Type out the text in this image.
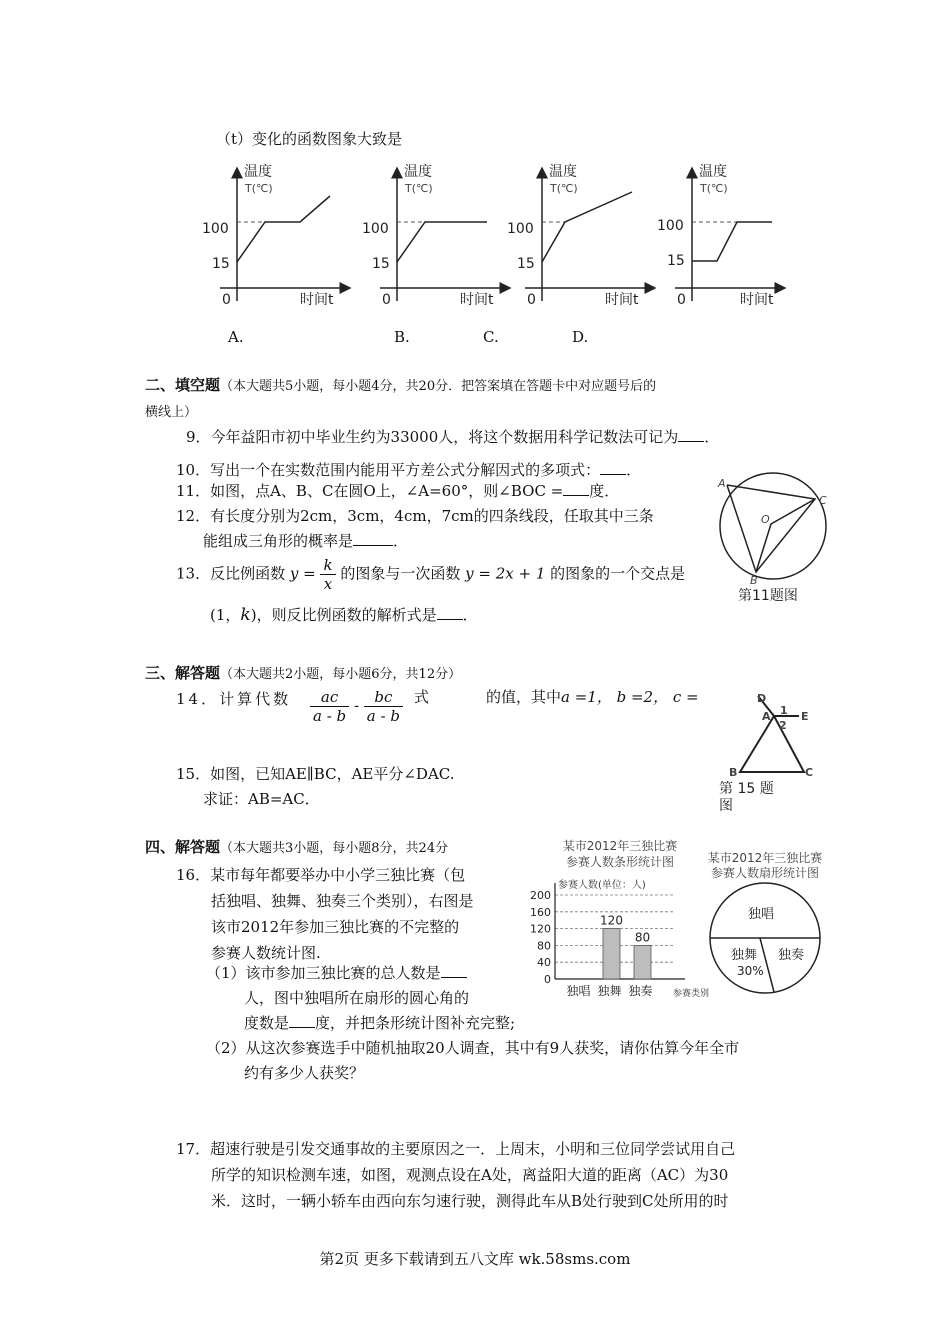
（t）变化的函数图象大致是
温度
T(℃)
100
15
0	时间t
温度
T(℃)
100
15
0	时间t
温度
T(℃)
100
15
0	时间t
温度
T(℃)
100
15
0	时间t
A.	B.	C.	D.
二、填空题（本大题共5小题，每小题4分，共20分．把答案填在答题卡中对应题号后的
横线上）
9．今年益阳市初中毕业生约为33000人，将这个数据用科学记数法可记为 ．
10．写出一个在实数范围内能用平方差公式分解因式的多项式： ．
11．如图，点A、B、C在圆O上，∠A=60°，则∠BOC = 度．
12．有长度分别为2cm，3cm，4cm，7cm的四条线段，任取其中三条
能组成三角形的概率是	．
13．反比例函数 $y = \frac{k}{x}$ 的图象与一次函数 y = 2x + 1 的图象的一个交点是
(1，k)，则反比例函数的解析式是 ．
A
C
O
B
第11题图
三、解答题（本大题共2小题，每小题6分，共12分）
14．计算代数 $\frac{ac}{a - b} - \frac{bc}{a - b}$ 式	的值，其中a =1， b =2， c =
15．如图，已知AE∥BC，AE平分∠DAC.
求证：AB=AC．
D
A 1
2
E
B	C
第 15 题
图
四、解答题（本大题共3小题，每小题8分，共24分
16．某市每年都要举办中小学三独比赛（包
括独唱、独舞、独奏三个类别），右图是
该市2012年参加三独比赛的不完整的
参赛人数统计图.
（1）该市参加三独比赛的总人数是
人，图中独唱所在扇形的圆心角的
度数是 度，并把条形统计图补充完整;
（2）从这次参赛选手中随机抽取20人调查，其中有9人获奖，请你估算今年全市
约有多少人获奖？
某市2012年三独比赛
参赛人数条形统计图
参赛人数(单位：人)
参赛类别
0
40
80
120
160
200
独唱
120
独舞
80
独奏
某市2012年三独比赛
参赛人数扇形统计图
独唱
独舞
30%
独奏
17．超速行驶是引发交通事故的主要原因之一．上周末，小明和三位同学尝试用自己
所学的知识检测车速，如图，观测点设在A处，离益阳大道的距离（AC）为30
米．这时，一辆小轿车由西向东匀速行驶，测得此车从B处行驶到C处所用的时
第2页 更多下载请到五八文库 wk.58sms.com
